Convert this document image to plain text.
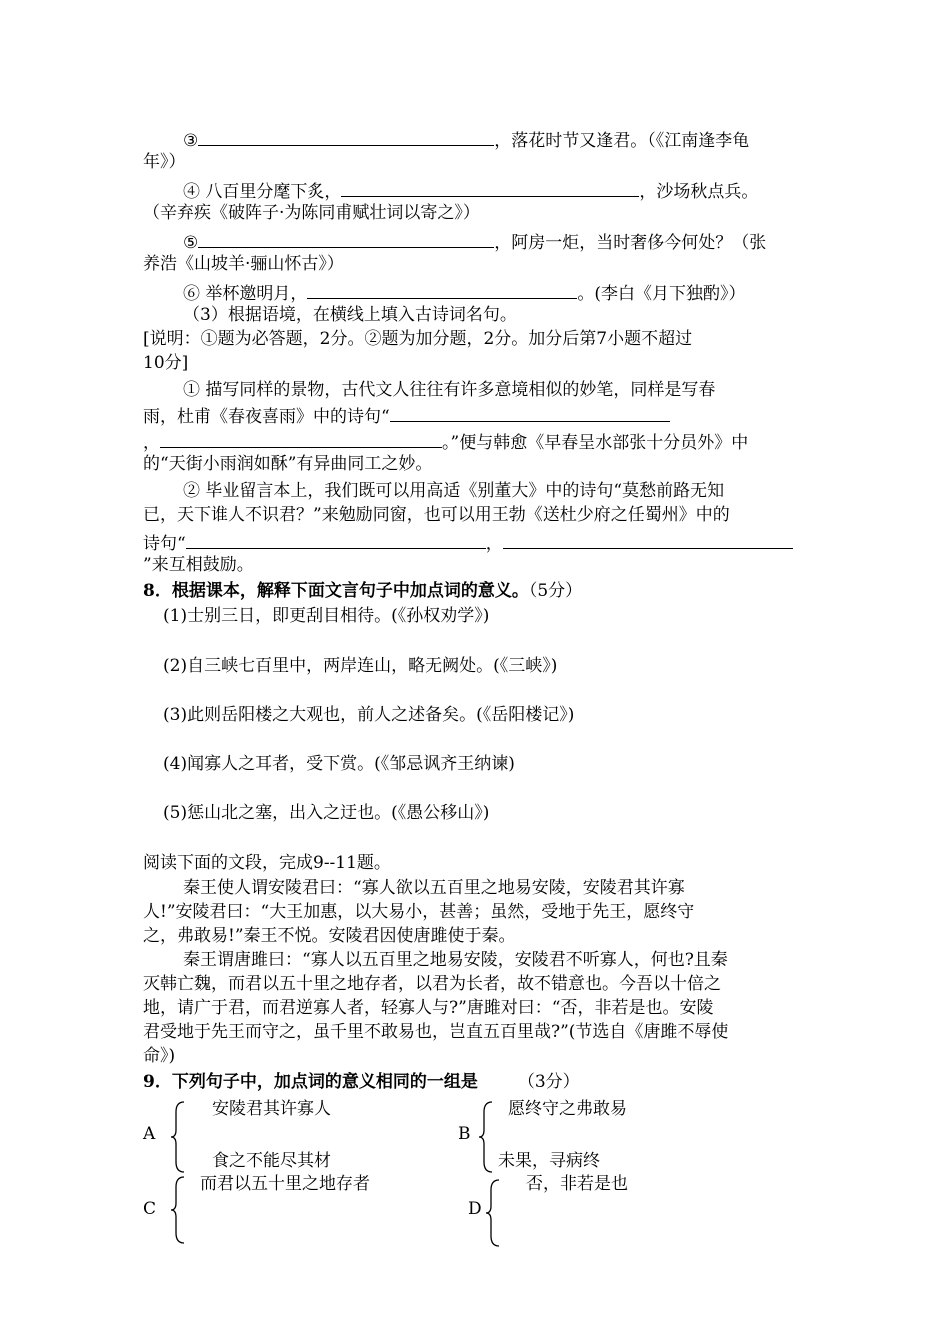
③	，落花时节又逢君。（《江南逢李龟
年》）
④ 八百里分麾下炙，	，沙场秋点兵。
（辛弃疾《破阵子·为陈同甫赋壮词以寄之》）
⑤	，阿房一炬，当时奢侈今何处？（张
养浩《山坡羊·骊山怀古》）
⑥ 举杯邀明月，	。(李白《月下独酌》）
（3）根据语境，在横线上填入古诗词名句。
[说明：①题为必答题，2分。②题为加分题，2分。加分后第7小题不超过
10分]
① 描写同样的景物，古代文人往往有许多意境相似的妙笔，同样是写春
雨，杜甫《春夜喜雨》中的诗句“
，	。”便与韩愈《早春呈水部张十分员外》中
的“天街小雨润如酥”有异曲同工之妙。
② 毕业留言本上，我们既可以用高适《别董大》中的诗句“莫愁前路无知
已，天下谁人不识君？”来勉励同窗，也可以用王勃《送杜少府之任蜀州》中的
诗句“	，
”来互相鼓励。
8．根据课本，解释下面文言句子中加点词的意义。（5分）
(1)士别三日，即更刮目相待。(《孙权劝学》)
(2)自三峡七百里中，两岸连山，略无阙处。(《三峡》)
(3)此则岳阳楼之大观也，前人之述备矣。(《岳阳楼记》)
(4)闻寡人之耳者，受下赏。(《邹忌讽齐王纳谏)
(5)惩山北之塞，出入之迂也。(《愚公移山》)
阅读下面的文段，完成9--11题。
秦王使人谓安陵君曰：“寡人欲以五百里之地易安陵，安陵君其许寡
人!”安陵君曰：“大王加惠，以大易小，甚善；虽然，受地于先王，愿终守
之，弗敢易!”秦王不悦。安陵君因使唐雎使于秦。
秦王谓唐雎曰：“寡人以五百里之地易安陵，安陵君不听寡人，何也?且秦
灭韩亡魏，而君以五十里之地存者，以君为长者，故不错意也。今吾以十倍之
地，请广于君，而君逆寡人者，轻寡人与?”唐雎对曰：“否，非若是也。安陵
君受地于先王而守之，虽千里不敢易也，岂直五百里哉?”(节选自《唐雎不辱使
命》)
9．下列句子中，加点词的意义相同的一组是 （3分）
A
安陵君其许寡人
食之不能尽其材
B
愿终守之弗敢易
未果，寻病终
C
而君以五十里之地存者
D
否，非若是也
